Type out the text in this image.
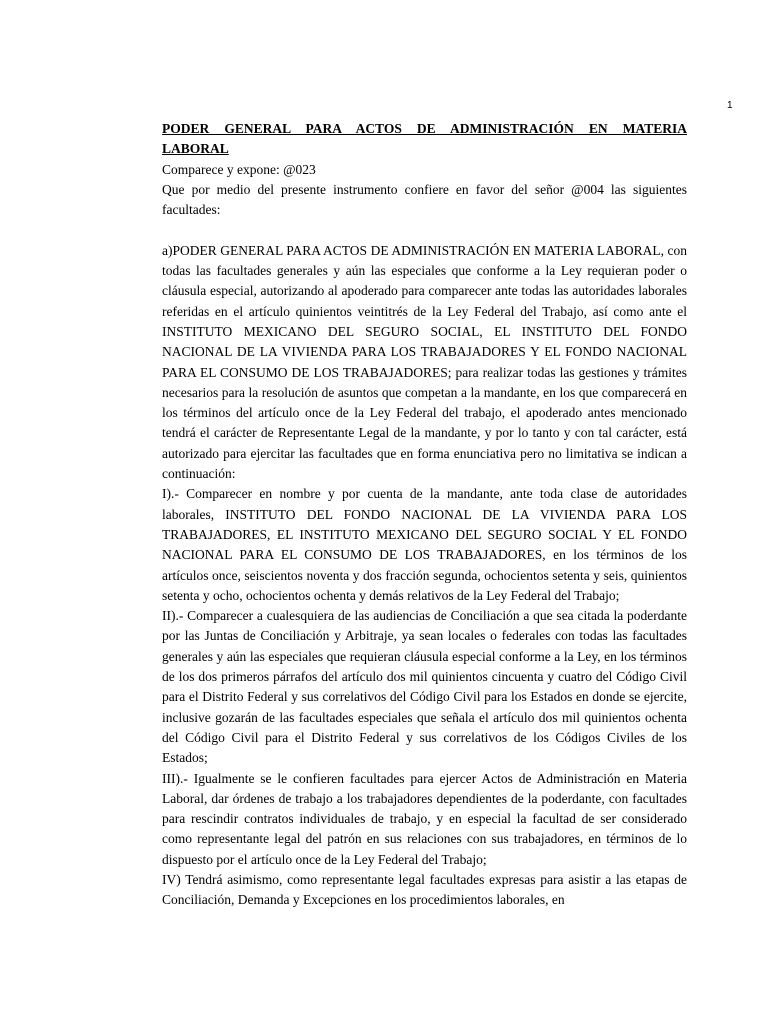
1

PODER GENERAL PARA ACTOS DE ADMINISTRACIÓN EN MATERIA LABORAL

Comparece y expone: @023

Que por medio del presente instrumento confiere en favor del señor @004 las siguientes facultades:

a)PODER GENERAL PARA ACTOS DE ADMINISTRACIÓN EN MATERIA LABORAL, con todas las facultades generales y aún las especiales que conforme a la Ley requieran poder o cláusula especial, autorizando al apoderado para comparecer ante todas las autoridades laborales referidas en el artículo quinientos veintitrés de la Ley Federal del Trabajo, así como ante el INSTITUTO MEXICANO DEL SEGURO SOCIAL, EL INSTITUTO DEL FONDO NACIONAL DE LA VIVIENDA PARA LOS TRABAJADORES Y EL FONDO NACIONAL PARA EL CONSUMO DE LOS TRABAJADORES; para realizar todas las gestiones y trámites necesarios para la resolución de asuntos que competan a la mandante, en los que comparecerá en los términos del artículo once de la Ley Federal del trabajo, el apoderado antes mencionado tendrá el carácter de Representante Legal de la mandante, y por lo tanto y con tal carácter, está autorizado para ejercitar las facultades que en forma enunciativa pero no limitativa se indican a continuación:

I).- Comparecer en nombre y por cuenta de la mandante, ante toda clase de autoridades laborales, INSTITUTO DEL FONDO NACIONAL DE LA VIVIENDA PARA LOS TRABAJADORES, EL INSTITUTO MEXICANO DEL SEGURO SOCIAL Y EL FONDO NACIONAL PARA EL CONSUMO DE LOS TRABAJADORES, en los términos de los artículos once, seiscientos noventa y dos fracción segunda, ochocientos setenta y seis, quinientos setenta y ocho, ochocientos ochenta y demás relativos de la Ley Federal del Trabajo;

II).- Comparecer a cualesquiera de las audiencias de Conciliación a que sea citada la poderdante por las Juntas de Conciliación y Arbitraje, ya sean locales o federales con todas las facultades generales y aún las especiales que requieran cláusula especial conforme a la Ley, en los términos de los dos primeros párrafos del artículo dos mil quinientos cincuenta y cuatro del Código Civil para el Distrito Federal y sus correlativos del Código Civil para los Estados en donde se ejercite, inclusive gozarán de las facultades especiales que señala el artículo dos mil quinientos ochenta del Código Civil para el Distrito Federal y sus correlativos de los Códigos Civiles de los Estados;

III).- Igualmente se le confieren facultades para ejercer Actos de Administración en Materia Laboral, dar órdenes de trabajo a los trabajadores dependientes de la poderdante, con facultades para rescindir contratos individuales de trabajo, y en especial la facultad de ser considerado como representante legal del patrón en sus relaciones con sus trabajadores, en términos de lo dispuesto por el artículo once de la Ley Federal del Trabajo;

IV) Tendrá asimismo, como representante legal facultades expresas para asistir a las etapas de Conciliación, Demanda y Excepciones en los procedimientos laborales, en
